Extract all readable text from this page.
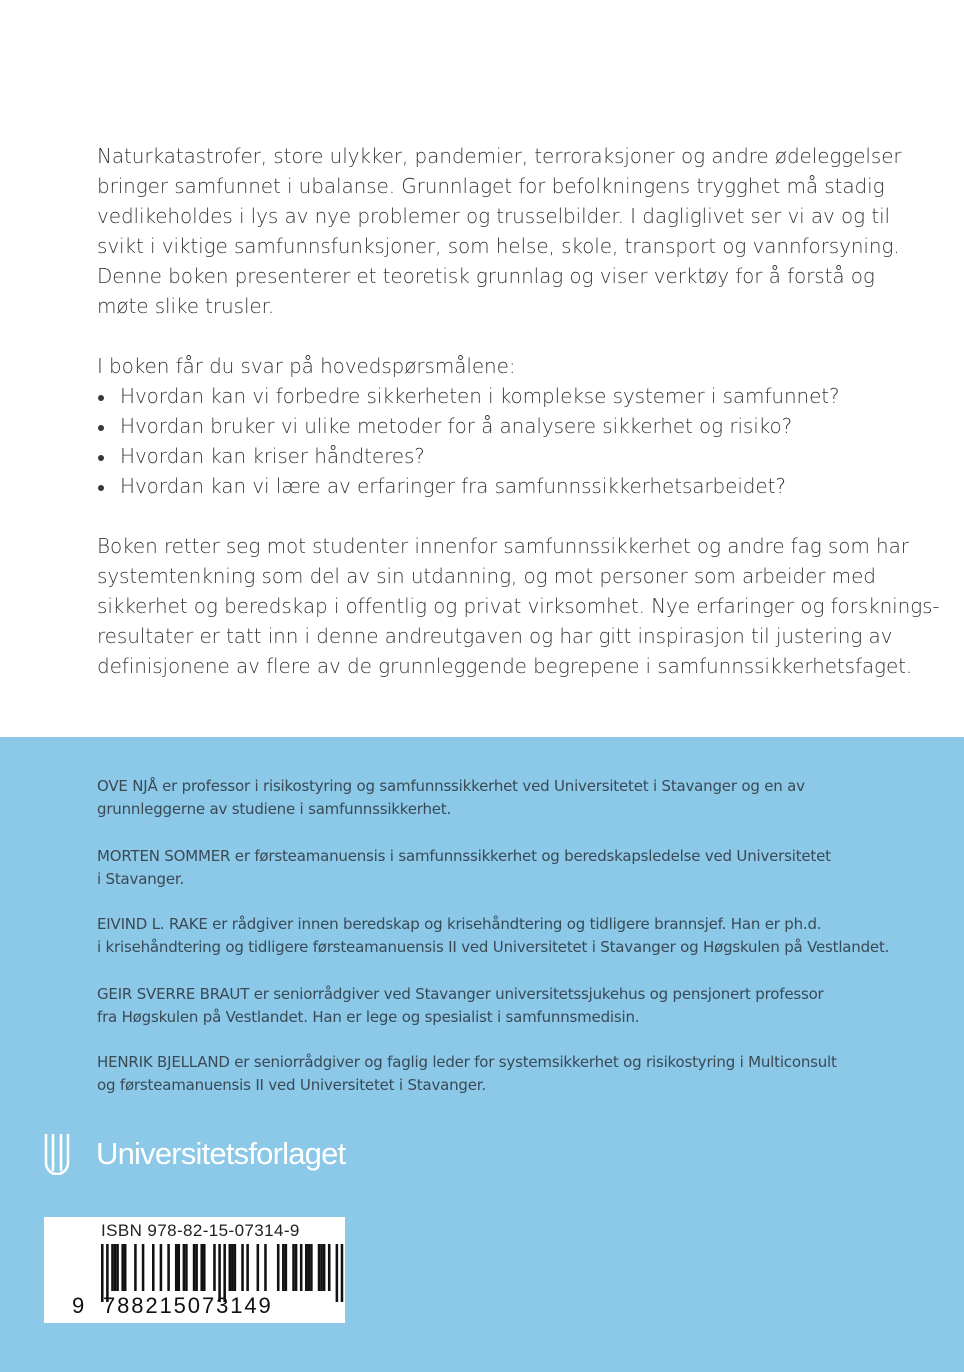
Naturkatastrofer, store ulykker, pandemier, terroraksjoner og andre ødeleggelser
bringer samfunnet i ubalanse. Grunnlaget for befolkningens trygghet må stadig
vedlikeholdes i lys av nye problemer og trusselbilder. I dagliglivet ser vi av og til
svikt i viktige samfunnsfunksjoner, som helse, skole, transport og vannforsyning.
Denne boken presenterer et teoretisk grunnlag og viser verktøy for å forstå og
møte slike trusler.
I boken får du svar på hovedspørsmålene:
Hvordan kan vi forbedre sikkerheten i komplekse systemer i samfunnet?
Hvordan bruker vi ulike metoder for å analysere sikkerhet og risiko?
Hvordan kan kriser håndteres?
Hvordan kan vi lære av erfaringer fra samfunnssikkerhetsarbeidet?
Boken retter seg mot studenter innenfor samfunnssikkerhet og andre fag som har
systemtenkning som del av sin utdanning, og mot personer som arbeider med
sikkerhet og beredskap i offentlig og privat virksomhet. Nye erfaringer og forsknings-
resultater er tatt inn i denne andreutgaven og har gitt inspirasjon til justering av
definisjonene av flere av de grunnleggende begrepene i samfunnssikkerhetsfaget.
OVE NJÅ er professor i risikostyring og samfunnssikkerhet ved Universitetet i Stavanger og en av
grunnleggerne av studiene i samfunnssikkerhet.
MORTEN SOMMER er førsteamanuensis i samfunnssikkerhet og beredskapsledelse ved Universitetet
i Stavanger.
EIVIND L. RAKE er rådgiver innen beredskap og krisehåndtering og tidligere brannsjef. Han er ph.d.
i krisehåndtering og tidligere førsteamanuensis II ved Universitetet i Stavanger og Høgskulen på Vestlandet.
GEIR SVERRE BRAUT er seniorrådgiver ved Stavanger universitetssjukehus og pensjonert professor
fra Høgskulen på Vestlandet. Han er lege og spesialist i samfunnsmedisin.
HENRIK BJELLAND er seniorrådgiver og faglig leder for systemsikkerhet og risikostyring i Multiconsult
og førsteamanuensis II ved Universitetet i Stavanger.
Universitetsforlaget
ISBN 978-82-15-07314-9
9 788215073149
